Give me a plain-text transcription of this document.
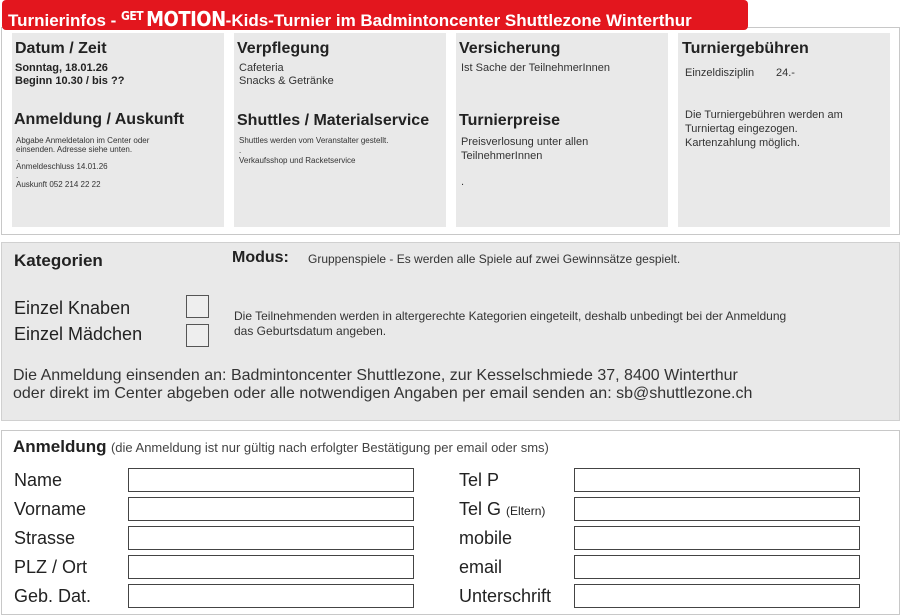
Turnierinfos - $^{GET}$ MOTION-Kids-Turnier im Badmintoncenter Shuttlezone Winterthur
Datum / Zeit
Sonntag, 18.01.26
Beginn 10.30 / bis ??
Anmeldung / Auskunft
Abgabe Anmeldetalon im Center oder
einsenden. Adresse siehe unten.
.
Anmeldeschluss 14.01.26
.
Auskunft 052 214 22 22
Verpflegung
Cafeteria
Snacks & Getränke
Shuttles / Materialservice
Shuttles werden vom Veranstalter gestellt.
.
Verkaufsshop und Racketservice
Versicherung
Ist Sache der TeilnehmerInnen
Turnierpreise
Preisverlosung unter allen
TeilnehmerInnen
.
Turniergebühren
Einzeldisziplin 24.-
Die Turniergebühren werden am
Turniertag eingezogen.
Kartenzahlung möglich.
Kategorien	Modus: Gruppenspiele - Es werden alle Spiele auf zwei Gewinnsätze gespielt.
Einzel Knaben
Einzel Mädchen
Die Teilnehmenden werden in altergerechte Kategorien eingeteilt, deshalb unbedingt bei der Anmeldung
das Geburtsdatum angeben.
Die Anmeldung einsenden an: Badmintoncenter Shuttlezone, zur Kesselschmiede 37, 8400 Winterthur
oder direkt im Center abgeben oder alle notwendigen Angaben per email senden an: sb@shuttlezone.ch
Anmeldung (die Anmeldung ist nur gültig nach erfolgter Bestätigung per email oder sms)
Name
Vorname
Strasse
PLZ / Ort
Geb. Dat.
Tel P
Tel G (Eltern)
mobile
email
Unterschrift
